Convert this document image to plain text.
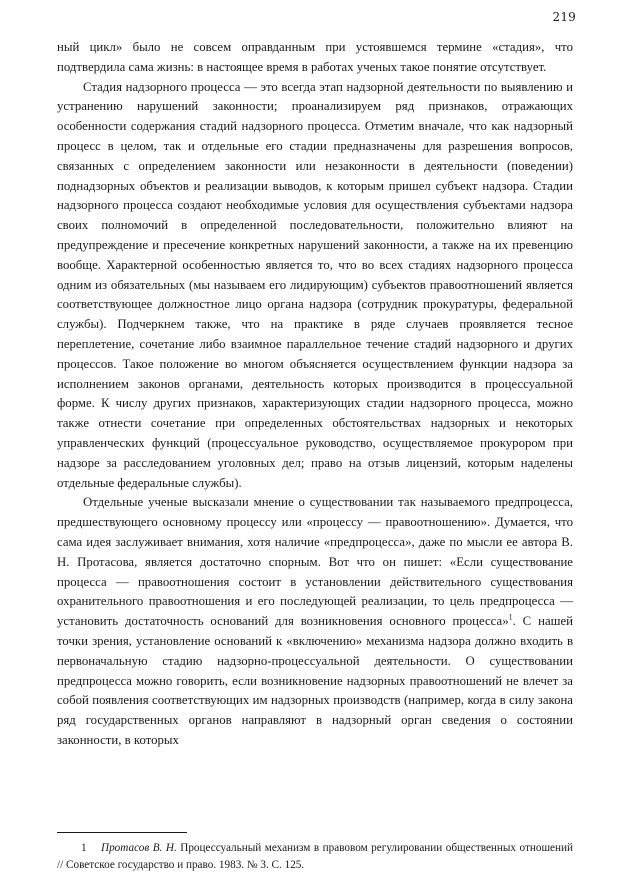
219

ный цикл» было не совсем оправданным при устоявшемся термине «стадия», что подтвердила сама жизнь: в настоящее время в работах ученых такое понятие отсутствует.

Стадия надзорного процесса — это всегда этап надзорной деятельности по выявлению и устранению нарушений законности; проанализируем ряд признаков, отражающих особенности содержания стадий надзорного процесса. Отметим вначале, что как надзорный процесс в целом, так и отдельные его стадии предназначены для разрешения вопросов, связанных с определением законности или незаконности в деятельности (поведении) поднадзорных объектов и реализации выводов, к которым пришел субъект надзора. Стадии надзорного процесса создают необходимые условия для осуществления субъектами надзора своих полномочий в определенной последовательности, положительно влияют на предупреждение и пресечение конкретных нарушений законности, а также на их превенцию вообще. Характерной особенностью является то, что во всех стадиях надзорного процесса одним из обязательных (мы называем его лидирующим) субъектов правоотношений является соответствующее должностное лицо органа надзора (сотрудник прокуратуры, федеральной службы). Подчеркнем также, что на практике в ряде случаев проявляется тесное переплетение, сочетание либо взаимное параллельное течение стадий надзорного и других процессов. Такое положение во многом объясняется осуществлением функции надзора за исполнением законов органами, деятельность которых производится в процессуальной форме. К числу других признаков, характеризующих стадии надзорного процесса, можно также отнести сочетание при определенных обстоятельствах надзорных и некоторых управленческих функций (процессуальное руководство, осуществляемое прокурором при надзоре за расследованием уголовных дел; право на отзыв лицензий, которым наделены отдельные федеральные службы).

Отдельные ученые высказали мнение о существовании так называемого предпроцесса, предшествующего основному процессу или «процессу — правоотношению». Думается, что сама идея заслуживает внимания, хотя наличие «предпроцесса», даже по мысли ее автора В. Н. Протасова, является достаточно спорным. Вот что он пишет: «Если существование процесса — правоотношения состоит в установлении действительного существования охранительного правоотношения и его последующей реализации, то цель предпроцесса — установить достаточность оснований для возникновения основного процесса»$^1$. С нашей точки зрения, установление оснований к «включению» механизма надзора должно входить в первоначальную стадию надзорно-процессуальной деятельности. О существовании предпроцесса можно говорить, если возникновение надзорных правоотношений не влечет за собой появления соответствующих им надзорных производств (например, когда в силу закона ряд государственных органов направляют в надзорный орган сведения о состоянии законности, в которых

1 Протасов В. Н. Процессуальный механизм в правовом регулировании общественных отношений // Советское государство и право. 1983. № 3. С. 125.
